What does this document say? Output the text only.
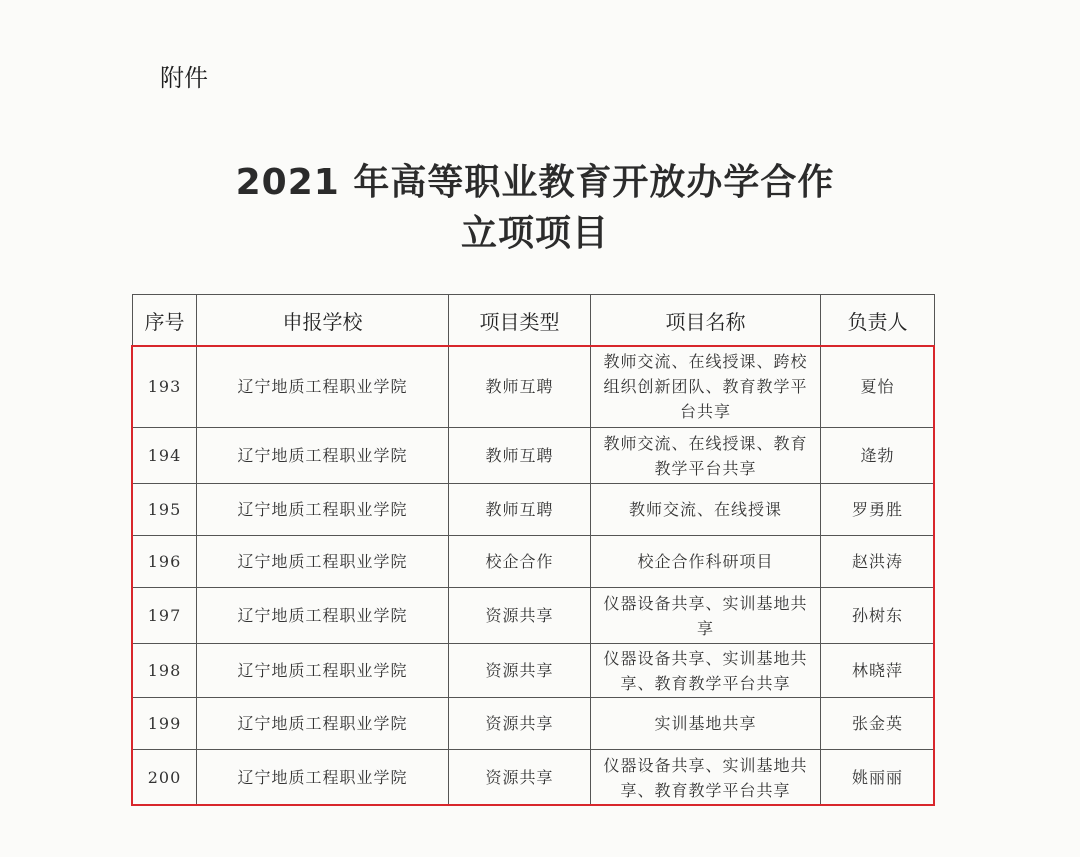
附件
2021 年高等职业教育开放办学合作
立项项目
序号	申报学校	项目类型	项目名称	负责人
193	辽宁地质工程职业学院	教师互聘	教师交流、在线授课、跨校组织创新团队、教育教学平台共享	夏怡
194	辽宁地质工程职业学院	教师互聘	教师交流、在线授课、教育教学平台共享	逄勃
195	辽宁地质工程职业学院	教师互聘	教师交流、在线授课	罗勇胜
196	辽宁地质工程职业学院	校企合作	校企合作科研项目	赵洪涛
197	辽宁地质工程职业学院	资源共享	仪器设备共享、实训基地共享	孙树东
198	辽宁地质工程职业学院	资源共享	仪器设备共享、实训基地共享、教育教学平台共享	林晓萍
199	辽宁地质工程职业学院	资源共享	实训基地共享	张金英
200	辽宁地质工程职业学院	资源共享	仪器设备共享、实训基地共享、教育教学平台共享	姚丽丽
